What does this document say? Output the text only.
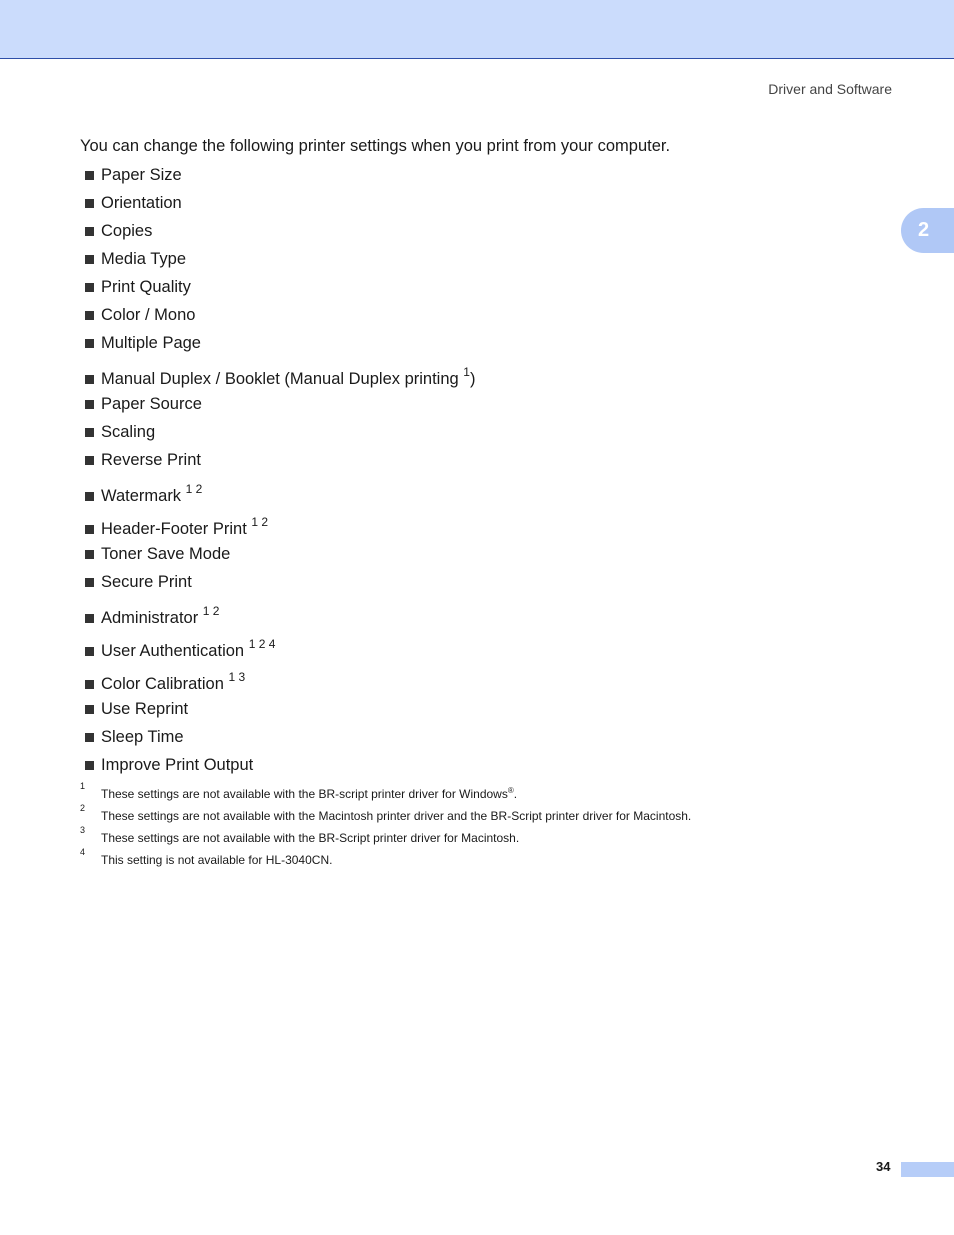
Driver and Software
2

You can change the following printer settings when you print from your computer.

Paper Size
Orientation
Copies
Media Type
Print Quality
Color / Mono
Multiple Page
Manual Duplex / Booklet (Manual Duplex printing $^1$)
Paper Source
Scaling
Reverse Print
Watermark $^{1 2}$
Header-Footer Print $^{1 2}$
Toner Save Mode
Secure Print
Administrator $^{1 2}$
User Authentication $^{1 2 4}$
Color Calibration $^{1 3}$
Use Reprint
Sleep Time
Improve Print Output
1
These settings are not available with the BR-script printer driver for Windows®.
2
These settings are not available with the Macintosh printer driver and the BR-Script printer driver for Macintosh.
3
These settings are not available with the BR-Script printer driver for Macintosh.
4
This setting is not available for HL-3040CN.
34
